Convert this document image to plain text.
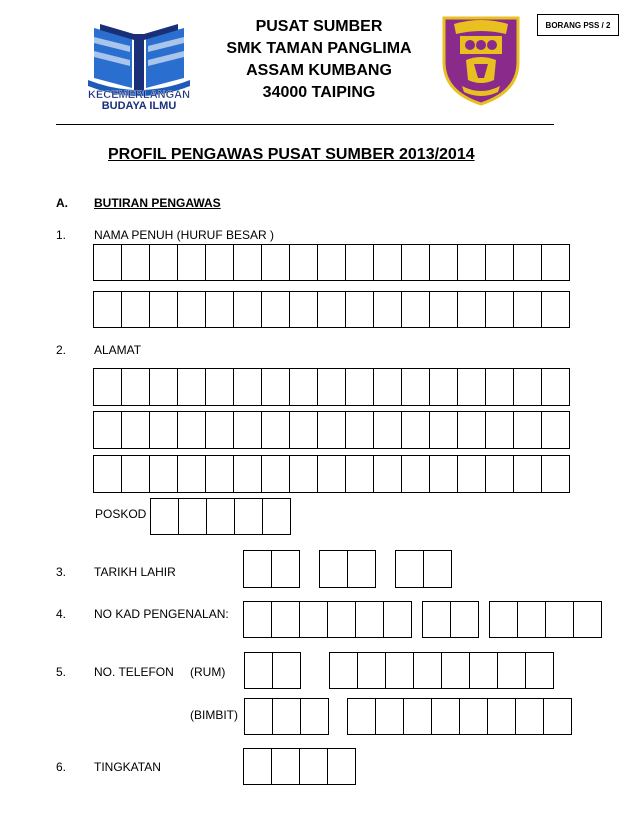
KECEMERLANGAN
BUDAYA ILMU
PUSAT SUMBER
SMK TAMAN PANGLIMA
ASSAM KUMBANG
34000 TAIPING
BORANG PSS / 2
PROFIL PENGAWAS PUSAT SUMBER 2013/2014
A. BUTIRAN PENGAWAS
1. NAMA PENUH (HURUF BESAR )
2. ALAMAT
POSKOD
3. TARIKH LAHIR
4. NO KAD PENGENALAN:
5. NO. TELEFON (RUM)
(BIMBIT)
6. TINGKATAN
